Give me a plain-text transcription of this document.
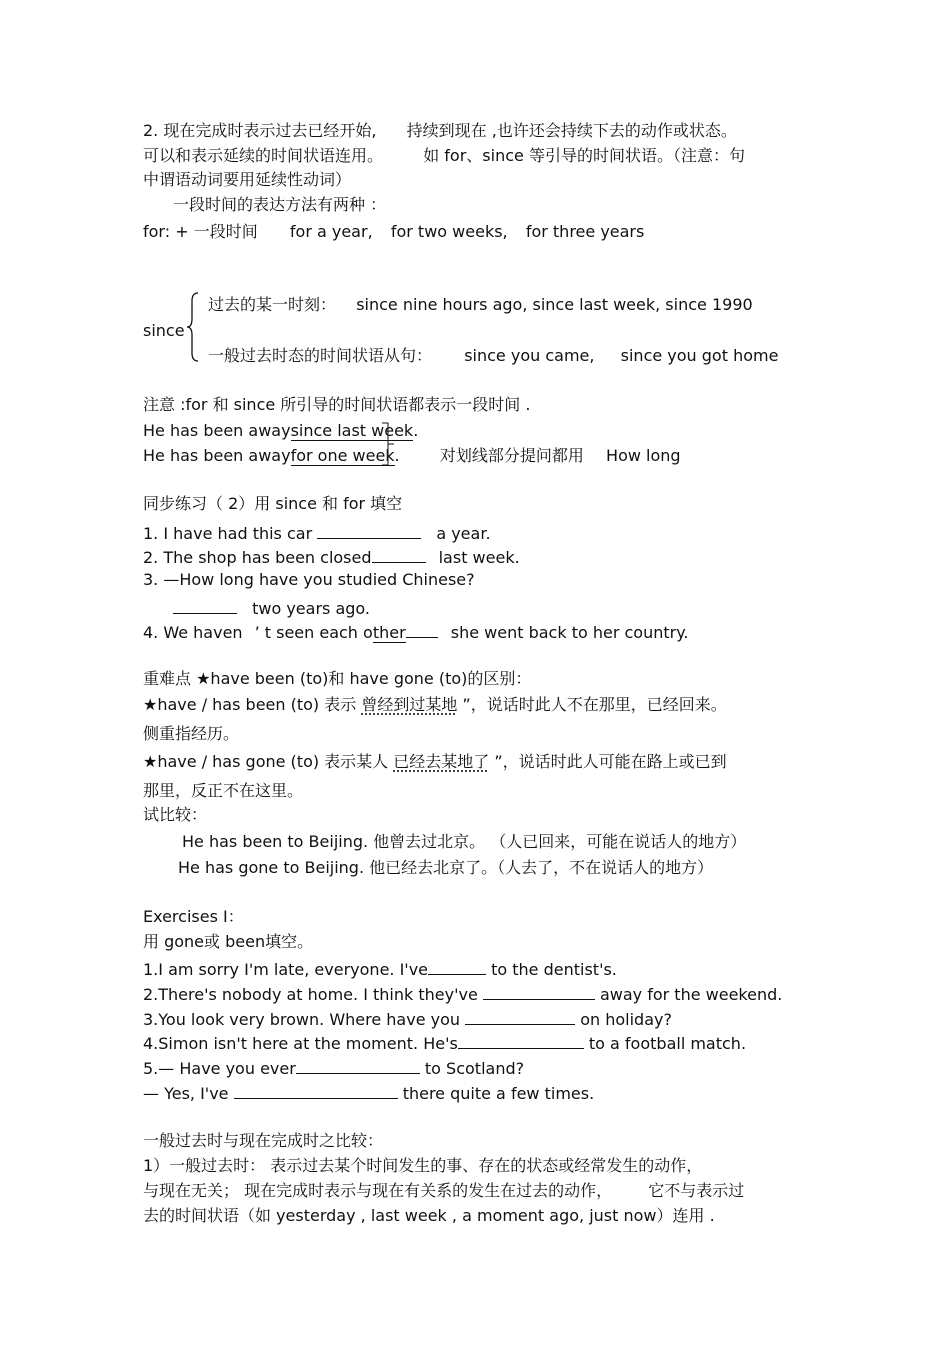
2. 现在完成时表示过去已经开始, 持续到现在 ,也许还会持续下去的动作或状态。
可以和表示延续的时间状语连用。	如 for、since 等引导的时间状语。（注意：句
中谓语动词要用延续性动词）
一段时间的表达方法有两种 ：
for: + 一段时间 for a year, for two weeks, for three years
since
过去的某一时刻： since nine hours ago, since last week, since 1990
一般过去时态的时间状语从句： since you came, since you got home
注意 :for 和 since 所引导的时间状语都表示一段时间 .
He has been awaysince last week.
He has been awayfor one week.	对划线部分提问都用 How long
同步练习（ 2）用 since 和 for 填空
1. I have had this car	a year.
2. The shop has been closed	last week.
3. —How long have you studied Chinese?
two years ago.
4. We haven ’ t seen each other	she went back to her country.
重难点 ★have been (to)和 have gone (to)的区别：
★have / has been (to) 表示 曾经到过某地 ”，说话时此人不在那里，已经回来。
侧重指经历。
★have / has gone (to) 表示某人 已经去某地了 ”，说话时此人可能在路上或已到
那里，反正不在这里。
试比较：
He has been to Beijing. 他曾去过北京。 （人已回来，可能在说话人的地方）
He has gone to Beijing. 他已经去北京了。（人去了，不在说话人的地方）
Exercises I：
用 gone或 been填空。
1.I am sorry I'm late, everyone. I've	to the dentist's.
2.There's nobody at home. I think they've	away for the weekend.
3.You look very brown. Where have you	on holiday?
4.Simon isn't here at the moment. He's	to a football match.
5.— Have you ever	to Scotland?
— Yes, I've	there quite a few times.
一般过去时与现在完成时之比较：
1）一般过去时： 表示过去某个时间发生的事、存在的状态或经常发生的动作，
与现在无关； 现在完成时表示与现在有关系的发生在过去的动作， 它不与表示过
去的时间状语（如 yesterday , last week , a moment ago, just now）连用 .
